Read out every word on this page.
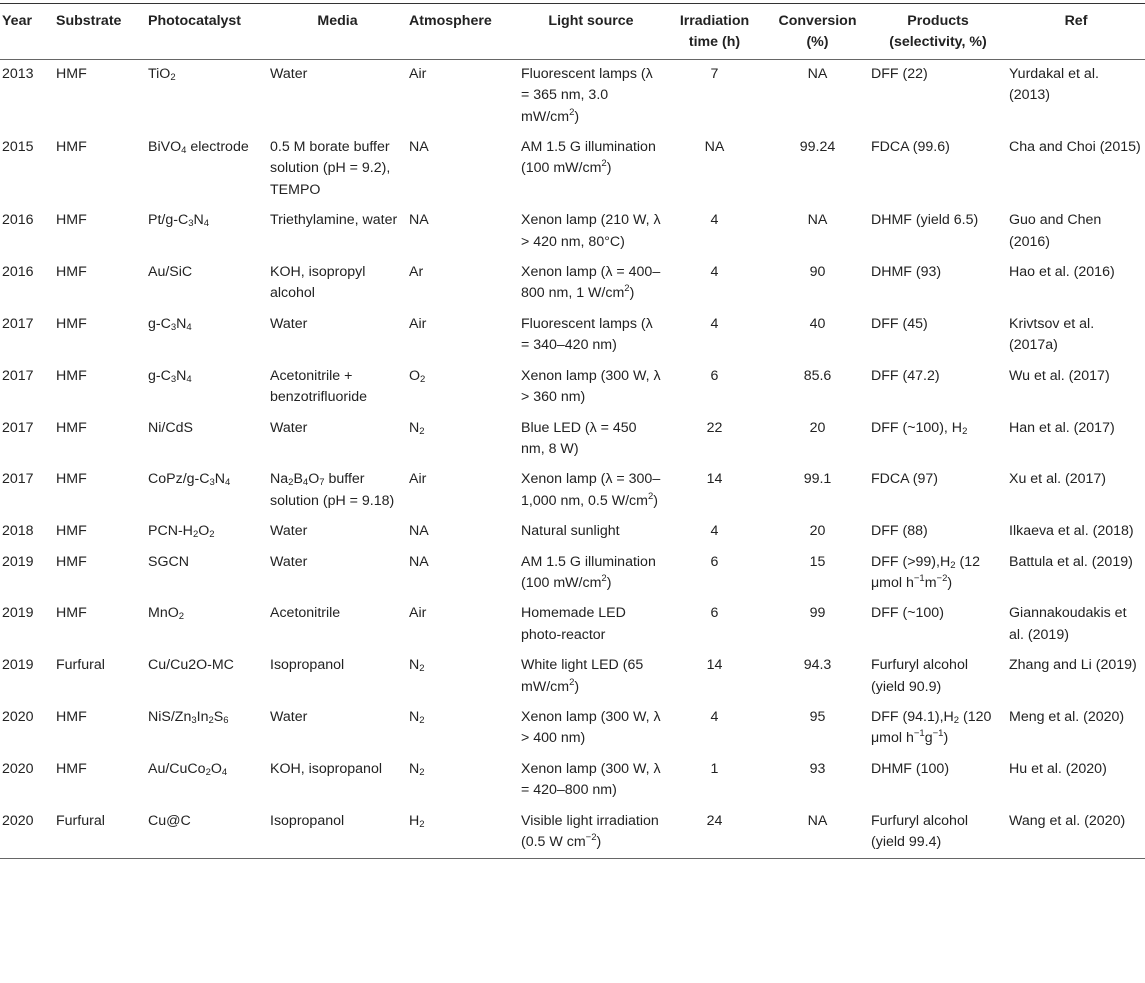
Year	Substrate	Photocatalyst	Media	Atmosphere	Light source	Irradiation time (h)	Conversion (%)	Products (selectivity, %)	Ref
2013	HMF	TiO$_2$	Water	Air	Fluorescent lamps (λ = 365 nm, 3.0 $mW/cm^2$)	7	NA	DFF (22)	Yurdakal et al. (2013)
2015	HMF	BiVO$_4$ electrode	0.5 M borate buffer solution (pH = 9.2), TEMPO	NA	AM 1.5 G illumination (100 $mW/cm^2$)	NA	99.24	FDCA (99.6)	Cha and Choi (2015)
2016	HMF	$Pt/g-C_3N_4$	Triethylamine, water	NA	Xenon lamp (210 W, λ > 420 nm, 80°C)	4	NA	DHMF (yield 6.5)	Guo and Chen (2016)
2016	HMF	Au/SiC	KOH, isopropyl alcohol	Ar	Xenon lamp (λ = 400–800 nm, 1 $W/cm^2$)	4	90	DHMF (93)	Hao et al. (2016)
2017	HMF	$g-C_3N_4$	Water	Air	Fluorescent lamps (λ = 340–420 nm)	4	40	DFF (45)	Krivtsov et al. (2017a)
2017	HMF	$g-C_3N_4$	Acetonitrile + benzotrifluoride	$O_2$	Xenon lamp (300 W, λ > 360 nm)	6	85.6	DFF (47.2)	Wu et al. (2017)
2017	HMF	Ni/CdS	Water	$N_2$	Blue LED (λ = 450 nm, 8 W)	22	20	DFF (~100), $H_2$	Han et al. (2017)
2017	HMF	CoPz/$g-C_3N_4$	$Na_2B_4O_7$ buffer solution (pH = 9.18)	Air	Xenon lamp (λ = 300–1,000 nm, 0.5 $W/cm^2$)	14	99.1	FDCA (97)	Xu et al. (2017)
2018	HMF	PCN-$H_2O_2$	Water	NA	Natural sunlight	4	20	DFF (88)	Ilkaeva et al. (2018)
2019	HMF	SGCN	Water	NA	AM 1.5 G illumination (100 $mW/cm^2$)	6	15	DFF $(>99),H_2$ (12 μmol $h^{-1}m^{-2}$)	Battula et al. (2019)
2019	HMF	MnO$_2$	Acetonitrile	Air	Homemade LED photo-reactor	6	99	DFF (~100)	Giannakoudakis et al. (2019)
2019	Furfural	Cu/Cu2O-MC	Isopropanol	$N_2$	White light LED (65 $mW/cm^2$)	14	94.3	Furfuryl alcohol (yield 90.9)	Zhang and Li (2019)
2020	HMF	NiS/$Zn_3In_2S_6$	Water	$N_2$	Xenon lamp (300 W, λ > 400 nm)	4	95	DFF $(94.1),H_2$ (120 μmol $h^{-1}g^{-1}$)	Meng et al. (2020)
2020	HMF	$Au/CuCo_2O_4$	KOH, isopropanol	$N_2$	Xenon lamp (300 W, λ = 420–800 nm)	1	93	DHMF (100)	Hu et al. (2020)
2020	Furfural	Cu@C	Isopropanol	$H_2$	Visible light irradiation (0.5 W $cm^{-2}$)	24	NA	Furfuryl alcohol (yield 99.4)	Wang et al. (2020)
